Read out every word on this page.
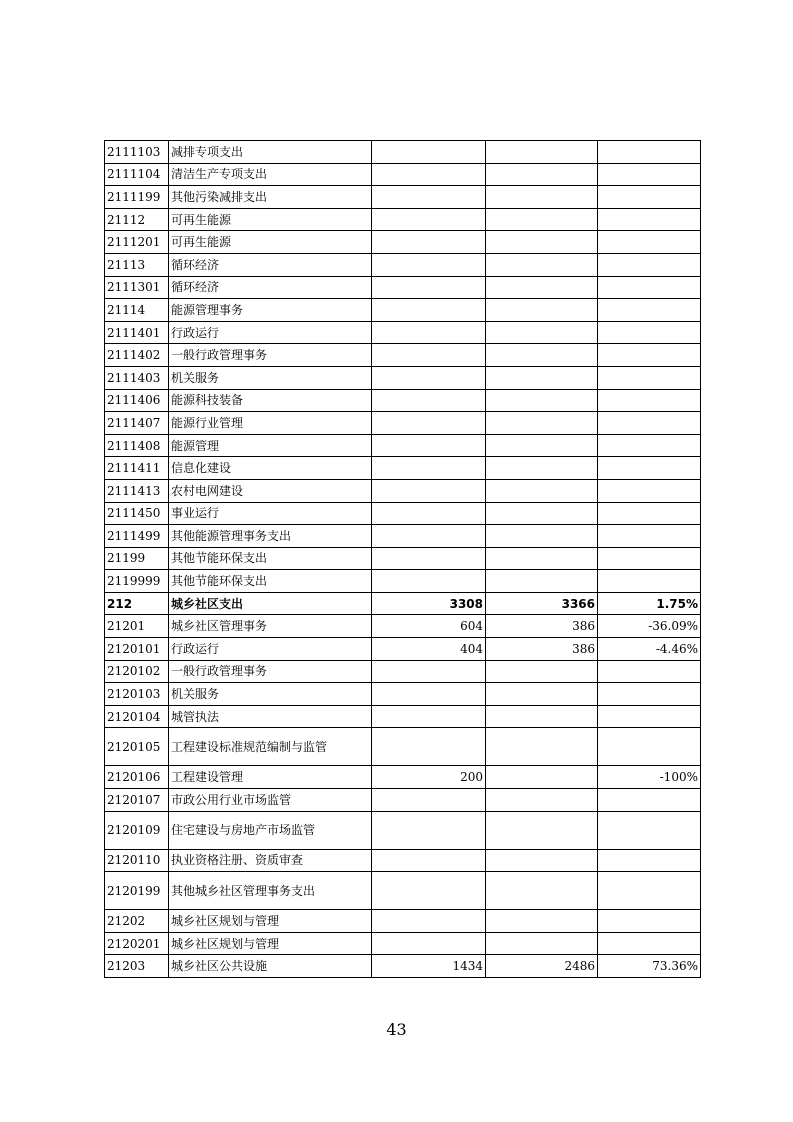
2111103	减排专项支出			
2111104	清洁生产专项支出			
2111199	其他污染减排支出			
21112	可再生能源			
2111201	可再生能源			
21113	循环经济			
2111301	循环经济			
21114	能源管理事务			
2111401	行政运行			
2111402	一般行政管理事务			
2111403	机关服务			
2111406	能源科技装备			
2111407	能源行业管理			
2111408	能源管理			
2111411	信息化建设			
2111413	农村电网建设			
2111450	事业运行			
2111499	其他能源管理事务支出			
21199	其他节能环保支出			
2119999	其他节能环保支出			
212	城乡社区支出	3308	3366	1.75%
21201	城乡社区管理事务	604	386	-36.09%
2120101	行政运行	404	386	-4.46%
2120102	一般行政管理事务			
2120103	机关服务			
2120104	城管执法			
2120105	工程建设标准规范编制与监管			
2120106	工程建设管理	200		-100%
2120107	市政公用行业市场监管			
2120109	住宅建设与房地产市场监管			
2120110	执业资格注册、资质审查			
2120199	其他城乡社区管理事务支出			
21202	城乡社区规划与管理			
2120201	城乡社区规划与管理			
21203	城乡社区公共设施	1434	2486	73.36%
43
